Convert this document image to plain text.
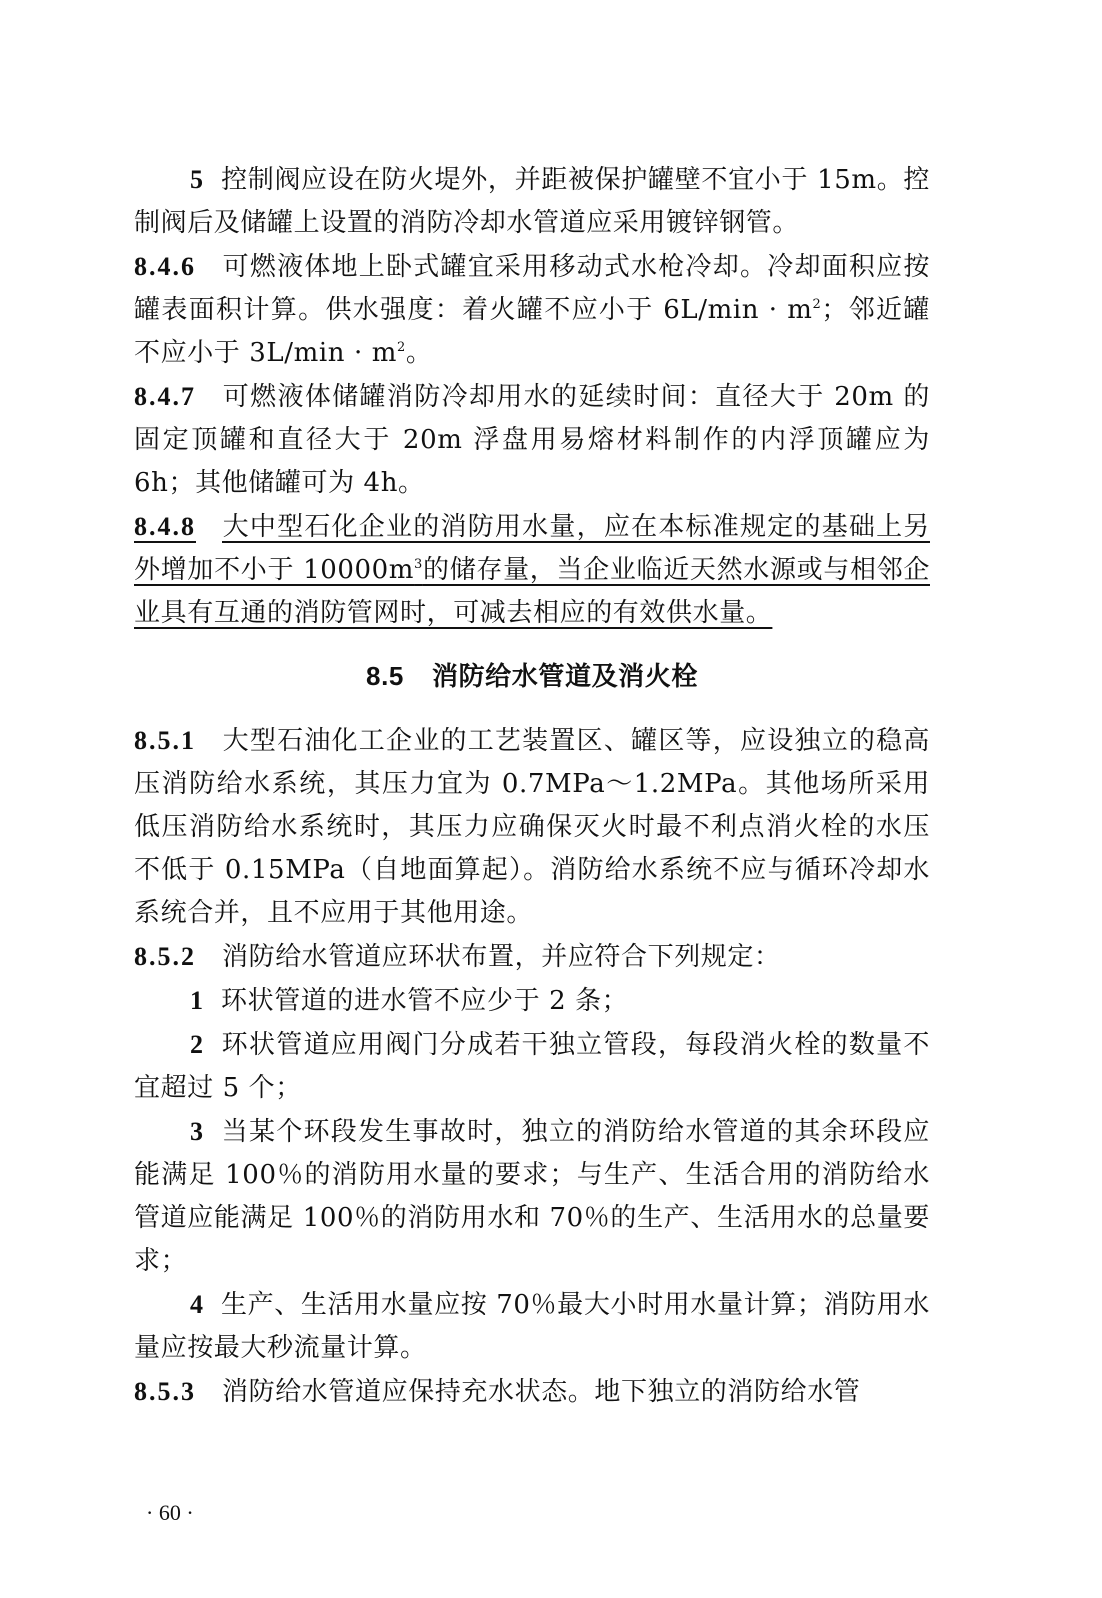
5 控制阀应设在防火堤外，并距被保护罐壁不宜小于 15m。控制阀后及储罐上设置的消防冷却水管道应采用镀锌钢管。

8.4.6 可燃液体地上卧式罐宜采用移动式水枪冷却。冷却面积应按罐表面积计算。供水强度：着火罐不应小于 $6L/\min \cdot m^2$；邻近罐不应小于 $3L/\min \cdot m^2$。

8.4.7 可燃液体储罐消防冷却用水的延续时间：直径大于 20m 的固定顶罐和直径大于 20m 浮盘用易熔材料制作的内浮顶罐应为 6h；其他储罐可为 4h。

8.4.8 大中型石化企业的消防用水量，应在本标准规定的基础上另外增加不小于 $10000m^3$的储存量，当企业临近天然水源或与相邻企业具有互通的消防管网时，可减去相应的有效供水量。

8.5 消防给水管道及消火栓

8.5.1 大型石油化工企业的工艺装置区、罐区等，应设独立的稳高压消防给水系统，其压力宜为 0.7MPa～1.2MPa。其他场所采用低压消防给水系统时，其压力应确保灭火时最不利点消火栓的水压不低于 0.15MPa（自地面算起）。消防给水系统不应与循环冷却水系统合并，且不应用于其他用途。

8.5.2 消防给水管道应环状布置，并应符合下列规定：

1 环状管道的进水管不应少于 2 条；

2 环状管道应用阀门分成若干独立管段，每段消火栓的数量不宜超过 5 个；

3 当某个环段发生事故时，独立的消防给水管道的其余环段应能满足 100％的消防用水量的要求；与生产、生活合用的消防给水管道应能满足 100％的消防用水和 70％的生产、生活用水的总量要求；

4 生产、生活用水量应按 70％最大小时用水量计算；消防用水量应按最大秒流量计算。

8.5.3 消防给水管道应保持充水状态。地下独立的消防给水管

· 60 ·
